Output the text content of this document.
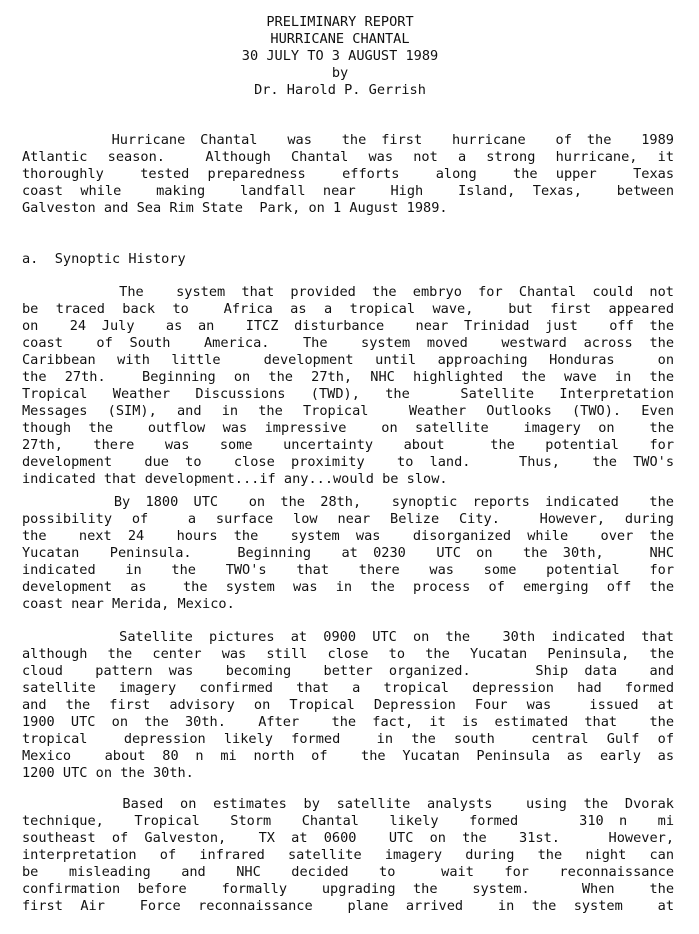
PRELIMINARY REPORT
HURRICANE CHANTAL
30 JULY TO 3 AUGUST 1989
by
Dr. Harold P. Gerrish
Hurricane Chantal  was  the first  hurricane  of the  1989
Atlantic season.  Although Chantal was not a strong hurricane, it
thoroughly  tested preparedness  efforts  along  the upper  Texas
coast while  making  landfall near  High  Island, Texas,  between
Galveston and Sea Rim State  Park, on 1 August 1989.
a.  Synoptic History
The  system that provided the embryo for Chantal could not
be traced back to  Africa as a tropical wave,  but first appeared
on  24 July  as an  ITCZ disturbance  near Trinidad just  off the
coast  of South  America.  The  system moved  westward across the
Caribbean with little  development until approaching Honduras  on
the 27th.  Beginning on the 27th, NHC highlighted the wave in the
Tropical Weather Discussions (TWD), the  Satellite Interpretation
Messages (SIM), and in the Tropical  Weather Outlooks (TWO). Even
though the  outflow was impressive  on satellite  imagery on  the
27th,  there  was  some  uncertainty  about   the  potential  for
development  due to  close proximity  to land.   Thus,  the TWO's
indicated that development...if any...would be slow.
By 1800 UTC  on the 28th,  synoptic reports indicated  the
possibility of  a surface low near Belize City.  However, during
the  next 24  hours the  system was  disorganized while  over the
Yucatan  Peninsula.   Beginning  at 0230  UTC on  the 30th,   NHC
indicated  in  the  TWO's  that  there  was  some  potential  for
development as  the system was in the process of emerging off the
coast near Merida, Mexico.
Satellite pictures at 0900 UTC on the  30th indicated that
although the center was still close to the Yucatan Peninsula, the
cloud  pattern was  becoming  better organized.    Ship data  and
satellite imagery confirmed that a tropical depression had formed
and the first advisory on Tropical Depression Four was  issued at
1900 UTC on the 30th.  After  the fact, it is estimated that  the
tropical  depression likely formed  in the south  central Gulf of
Mexico  about 80 n mi north of  the Yucatan Peninsula as early as
1200 UTC on the 30th.
Based on estimates by satellite analysts  using the Dvorak
technique,  Tropical  Storm  Chantal  likely  formed    310 n  mi
southeast of Galveston,  TX at 0600  UTC on the  31st.   However,
interpretation of infrared satellite imagery during the night can
be  misleading  and  NHC  decided  to   wait  for  reconnaissance
confirmation before  formally  upgrading the  system.   When  the
first Air  Force reconnaissance  plane arrived  in the system  at
